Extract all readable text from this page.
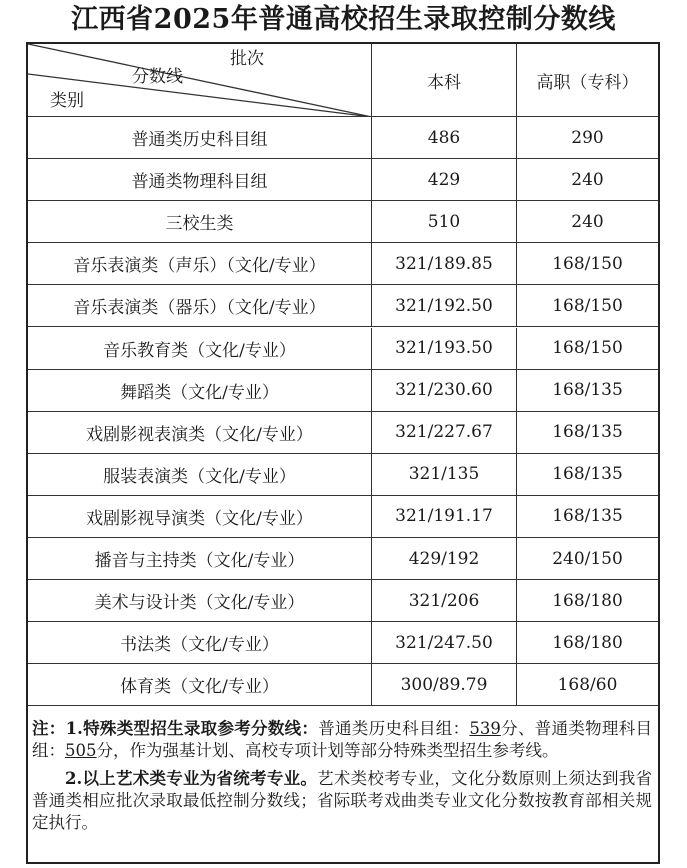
江西省2025年普通高校招生录取控制分数线
批次
分数线
类别
本科	高职（专科）
普通类历史科目组	486	290
普通类物理科目组	429	240
三校生类	510	240
音乐表演类（声乐）（文化/专业）	321/189.85	168/150
音乐表演类（器乐）（文化/专业）	321/192.50	168/150
音乐教育类（文化/专业）	321/193.50	168/150
舞蹈类（文化/专业）	321/230.60	168/135
戏剧影视表演类（文化/专业）	321/227.67	168/135
服装表演类（文化/专业）	321/135	168/135
戏剧影视导演类（文化/专业）	321/191.17	168/135
播音与主持类（文化/专业）	429/192	240/150
美术与设计类（文化/专业）	321/206	168/180
书法类（文化/专业）	321/247.50	168/180
体育类（文化/专业）	300/89.79	168/60

注：1.特殊类型招生录取参考分数线：普通类历史科目组：539分、普通类物理科目组：505分，作为强基计划、高校专项计划等部分特殊类型招生参考线。

2.以上艺术类专业为省统考专业。艺术类校考专业，文化分数原则上须达到我省普通类相应批次录取最低控制分数线；省际联考戏曲类专业文化分数按教育部相关规定执行。
